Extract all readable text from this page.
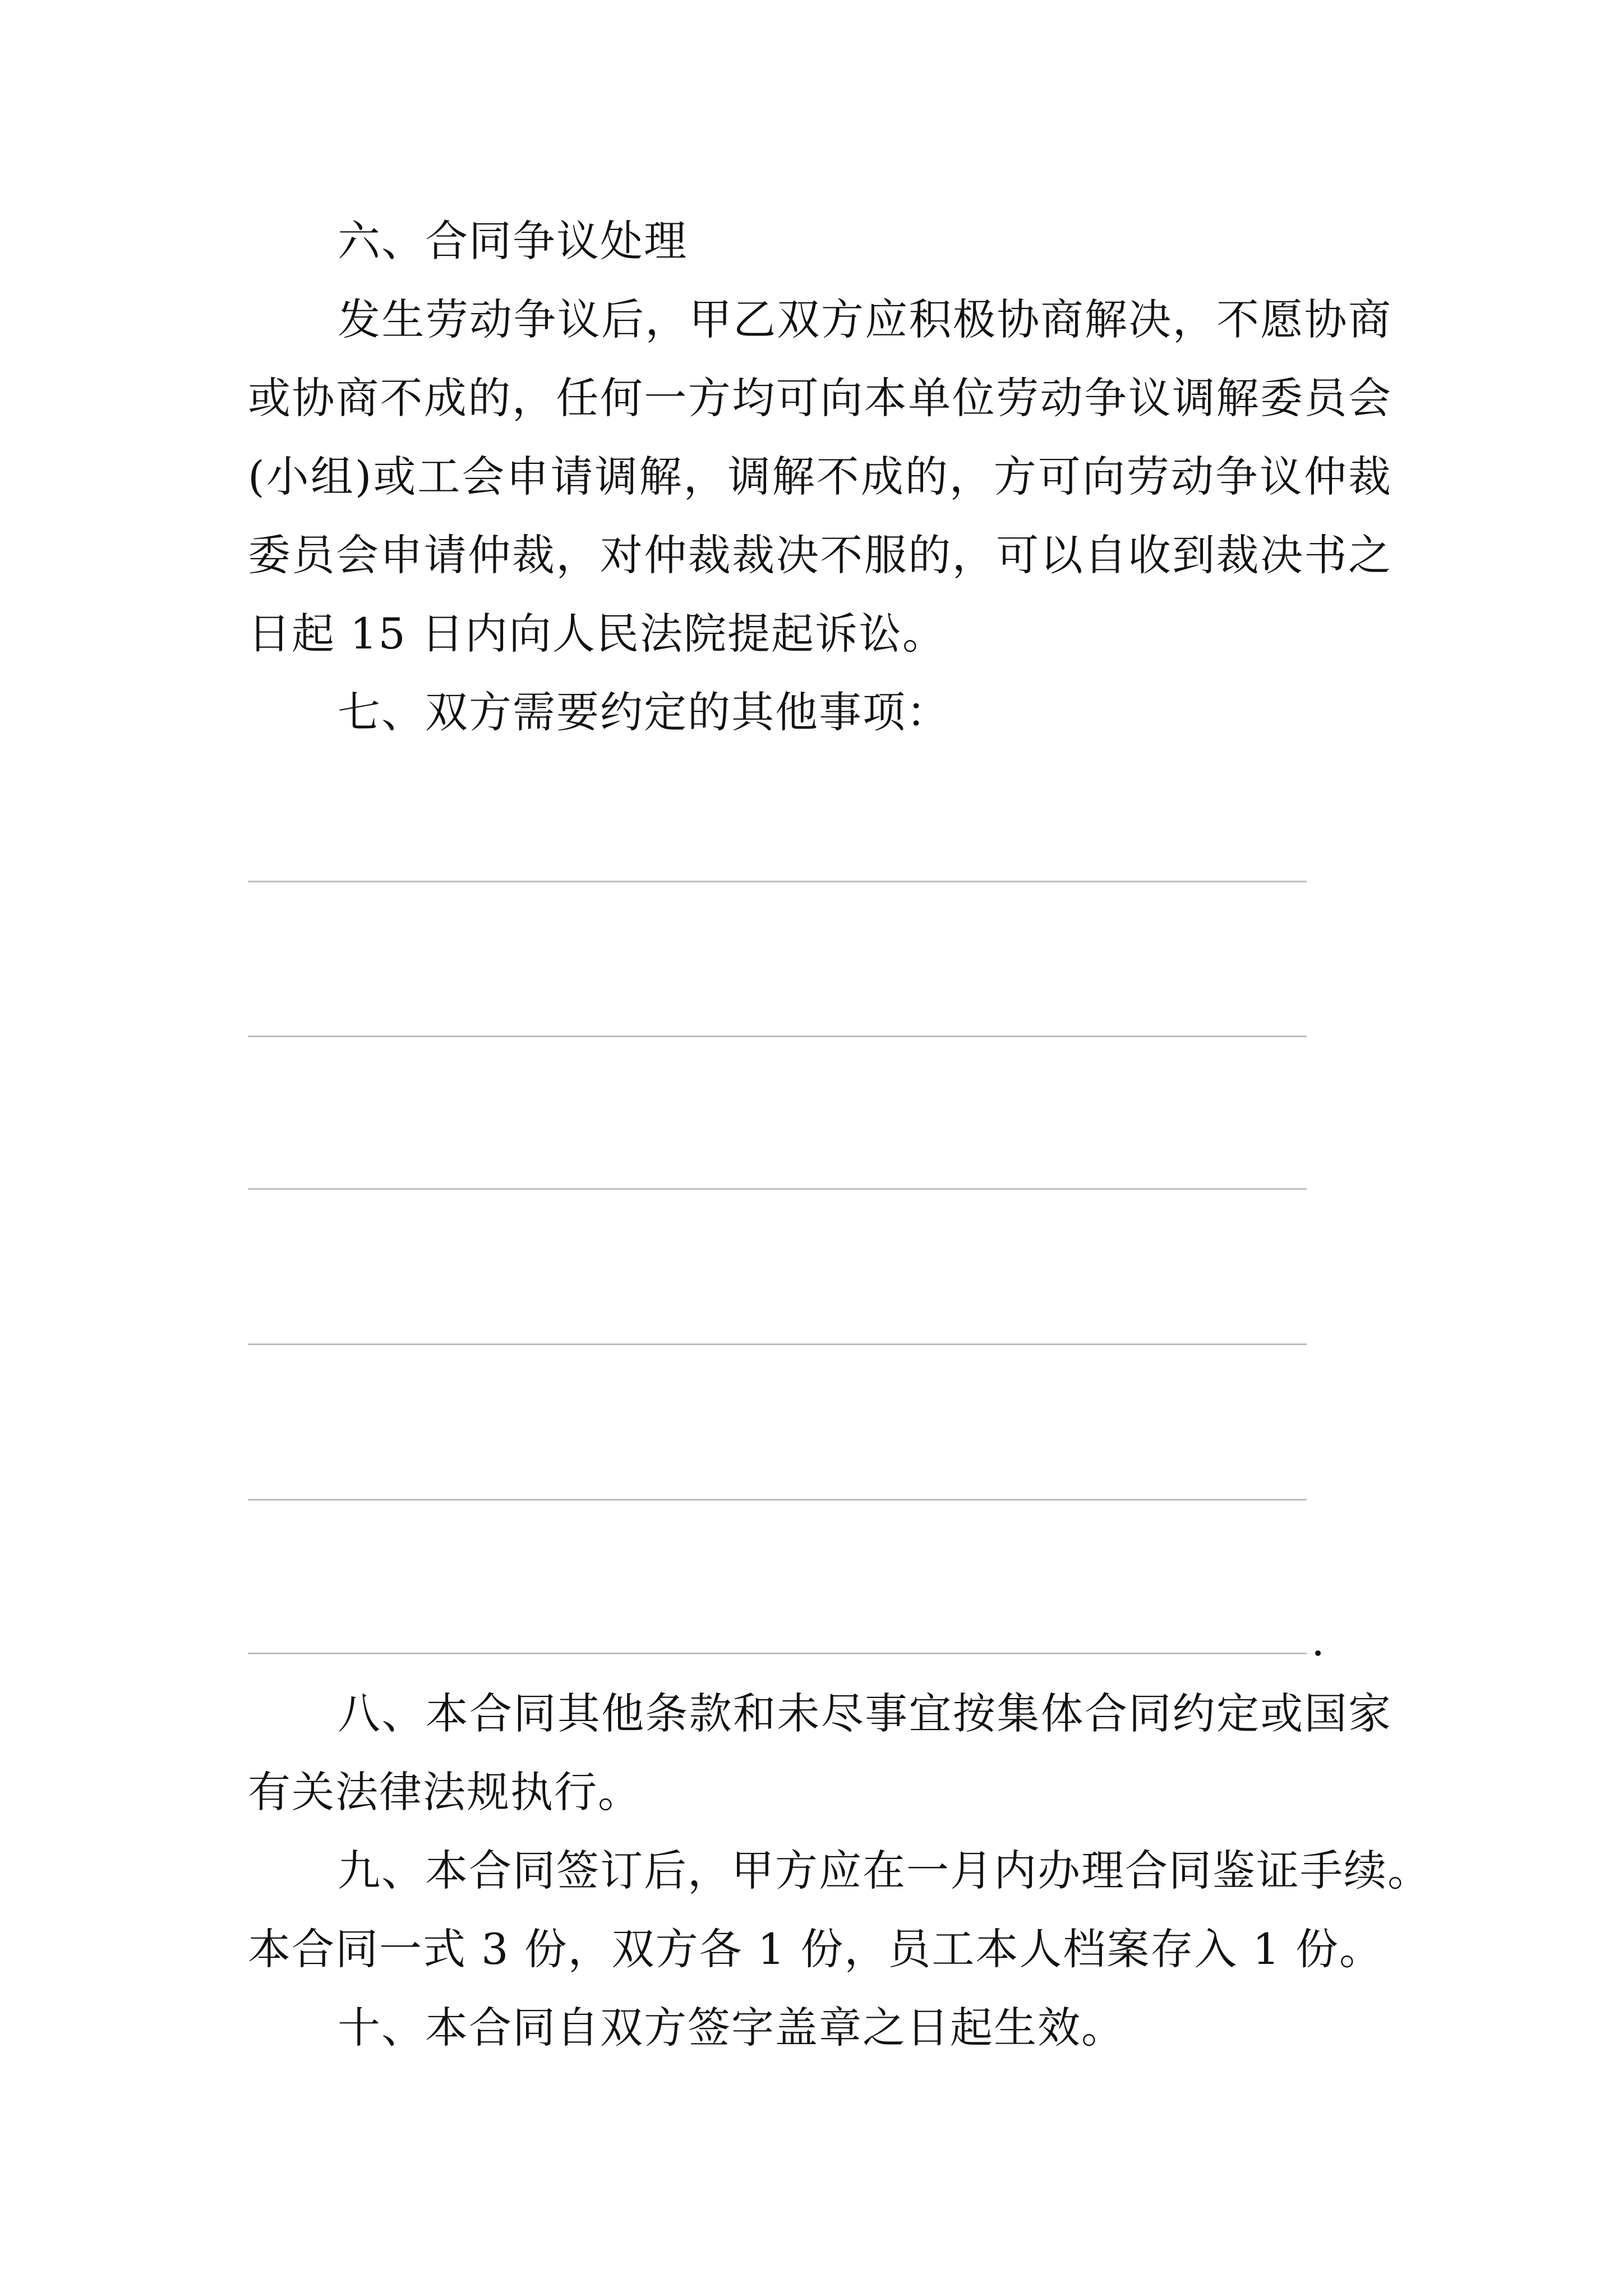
六、合同争议处理
发生劳动争议后，甲乙双方应积极协商解决，不愿协商
或协商不成的，任何一方均可向本单位劳动争议调解委员会
(小组)或工会申请调解，调解不成的，方可向劳动争议仲裁
委员会申请仲裁，对仲裁裁决不服的，可以自收到裁决书之
日起 15 日内向人民法院提起诉讼。
七、双方需要约定的其他事项：
.
八、本合同其他条款和未尽事宜按集体合同约定或国家
有关法律法规执行。
九、本合同签订后，甲方应在一月内办理合同鉴证手续。
本合同一式 3 份，双方各 1 份，员工本人档案存入 1 份。
十、本合同自双方签字盖章之日起生效。
